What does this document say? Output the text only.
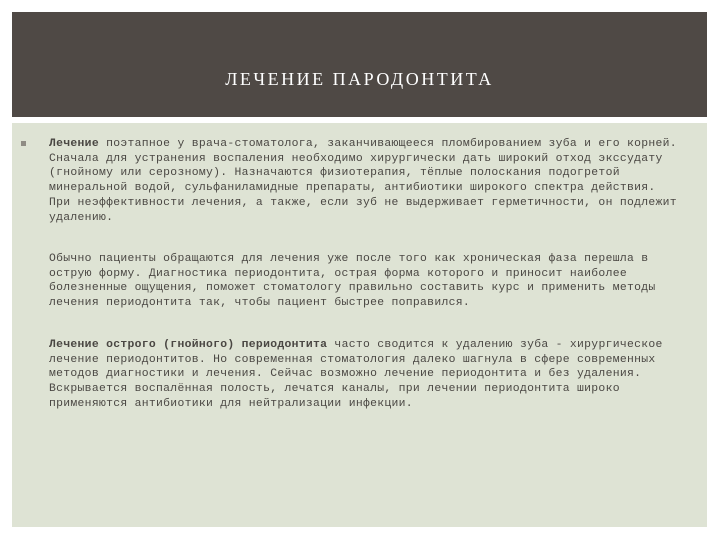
ЛЕЧЕНИЕ ПАРОДОНТИТА

Лечение поэтапное у врача-стоматолога, заканчивающееся пломбированием зуба и его корней. Сначала для устранения воспаления необходимо хирургически дать широкий отход экссудату (гнойному или серозному). Назначаются физиотерапия, тёплые полоскания подогретой минеральной водой, сульфаниламидные препараты, антибиотики широкого спектра действия. При неэффективности лечения, а также, если зуб не выдерживает герметичности, он подлежит удалению.

Обычно пациенты обращаются для лечения уже после того как хроническая фаза перешла в острую форму. Диагностика периодонтита, острая форма которого и приносит наиболее болезненные ощущения, поможет стоматологу правильно составить курс и применить методы лечения периодонтита так, чтобы пациент быстрее поправился.

Лечение острого (гнойного) периодонтита часто сводится к удалению зуба - хирургическое лечение периодонтитов. Но современная стоматология далеко шагнула в сфере современных методов диагностики и лечения. Сейчас возможно лечение периодонтита и без удаления. Вскрывается воспалённая полость, лечатся каналы, при лечении периодонтита широко применяются антибиотики для нейтрализации инфекции.
